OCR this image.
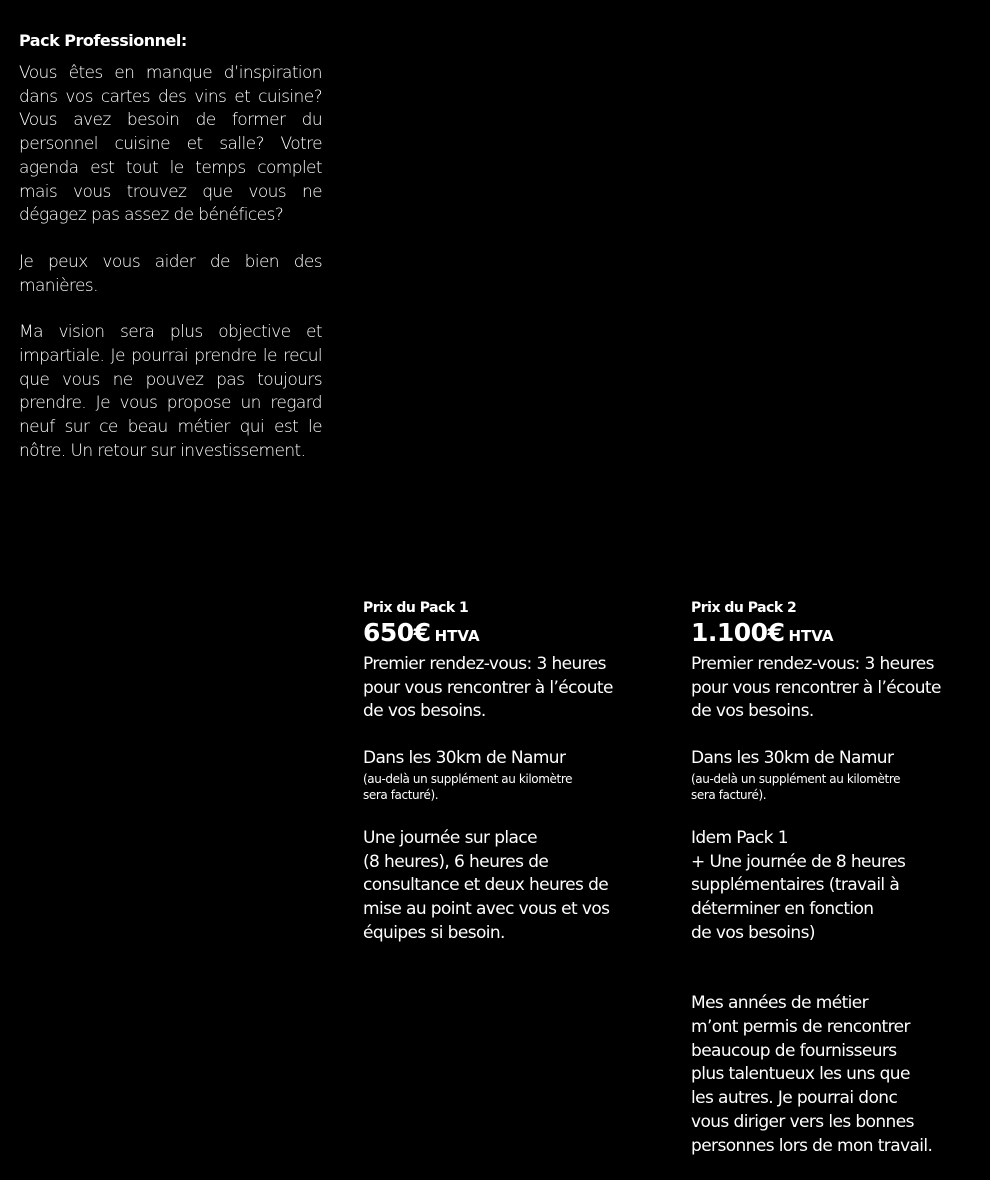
Pack Professionnel:

Vous êtes en manque d’inspiration dans vos cartes des vins et cuisine? Vous avez besoin de former du personnel cuisine et salle? Votre agenda est tout le temps complet mais vous trouvez que vous ne dégagez pas assez de bénéfices?

Je peux vous aider de bien des manières.

Ma vision sera plus objective et impartiale. Je pourrai prendre le recul que vous ne pouvez pas toujours prendre. Je vous propose un regard neuf sur ce beau métier qui est le nôtre. Un retour sur investissement.

Prix du Pack 1

650€ HTVA

Premier rendez-vous: 3 heures
pour vous rencontrer à l’écoute
de vos besoins.

Dans les 30km de Namur

(au-delà un supplément au kilomètre
sera facturé).

Une journée sur place
(8 heures), 6 heures de
consultance et deux heures de
mise au point avec vous et vos
équipes si besoin.

Prix du Pack 2

1.100€ HTVA

Premier rendez-vous: 3 heures
pour vous rencontrer à l’écoute
de vos besoins.

Dans les 30km de Namur

(au-delà un supplément au kilomètre
sera facturé).

Idem Pack 1
+ Une journée de 8 heures
supplémentaires (travail à
déterminer en fonction
de vos besoins)

Mes années de métier
m’ont permis de rencontrer
beaucoup de fournisseurs
plus talentueux les uns que
les autres. Je pourrai donc
vous diriger vers les bonnes
personnes lors de mon travail.
